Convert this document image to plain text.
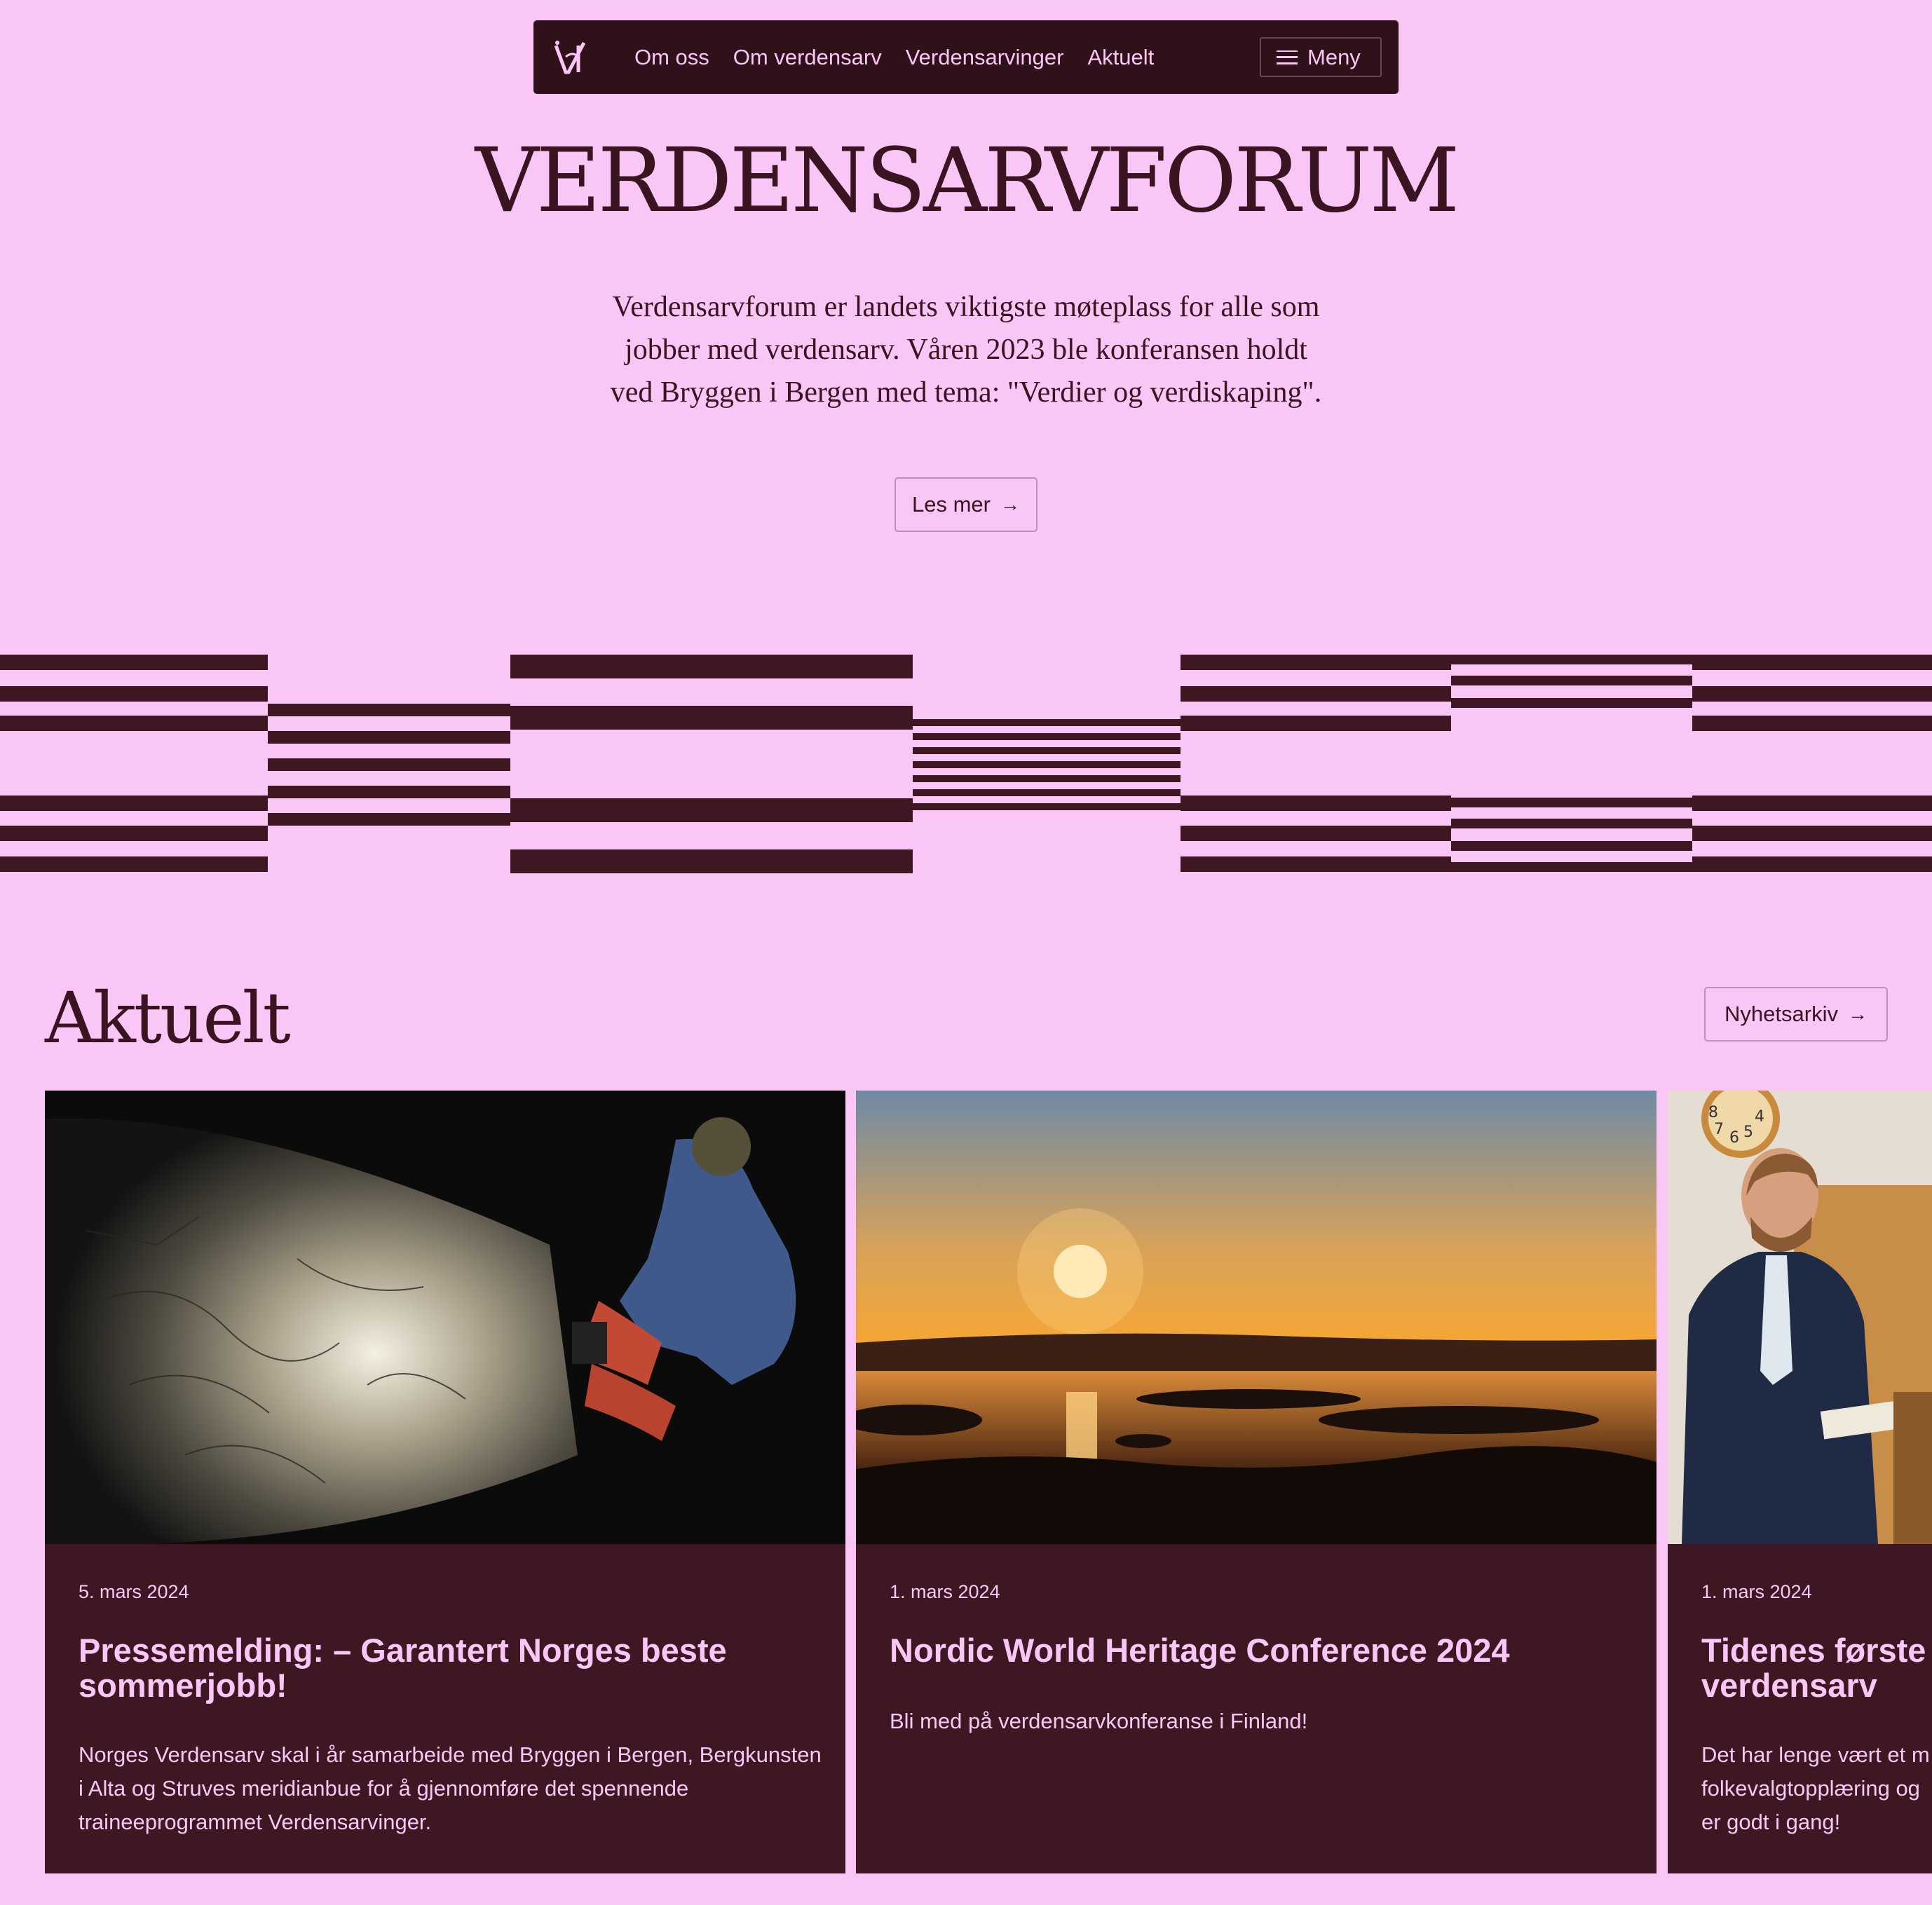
Om oss Om verdensarv Verdensarvinger Aktuelt	Meny
VERDENSARVFORUM
Verdensarvforum er landets viktigste møteplass for alle som
jobber med verdensarv. Våren 2023 ble konferansen holdt
ved Bryggen i Bergen med tema: "Verdier og verdiskaping".
Les mer →
Aktuelt	Nyhetsarkiv →
5. mars 2024
Pressemelding: – Garantert Norges beste sommerjobb!
Norges Verdensarv skal i år samarbeide med Bryggen i Bergen, Bergkunsten i Alta og Struves meridianbue for å gjennomføre det spennende traineeprogrammet Verdensarvinger.
1. mars 2024
Nordic World Heritage Conference 2024
Bli med på verdensarvkonferanse i Finland!
8
7 6 5
4
1. mars 2024
Tidenes første
verdensarv
Det har lenge vært et m
folkevalgtopplæring og
er godt i gang!
